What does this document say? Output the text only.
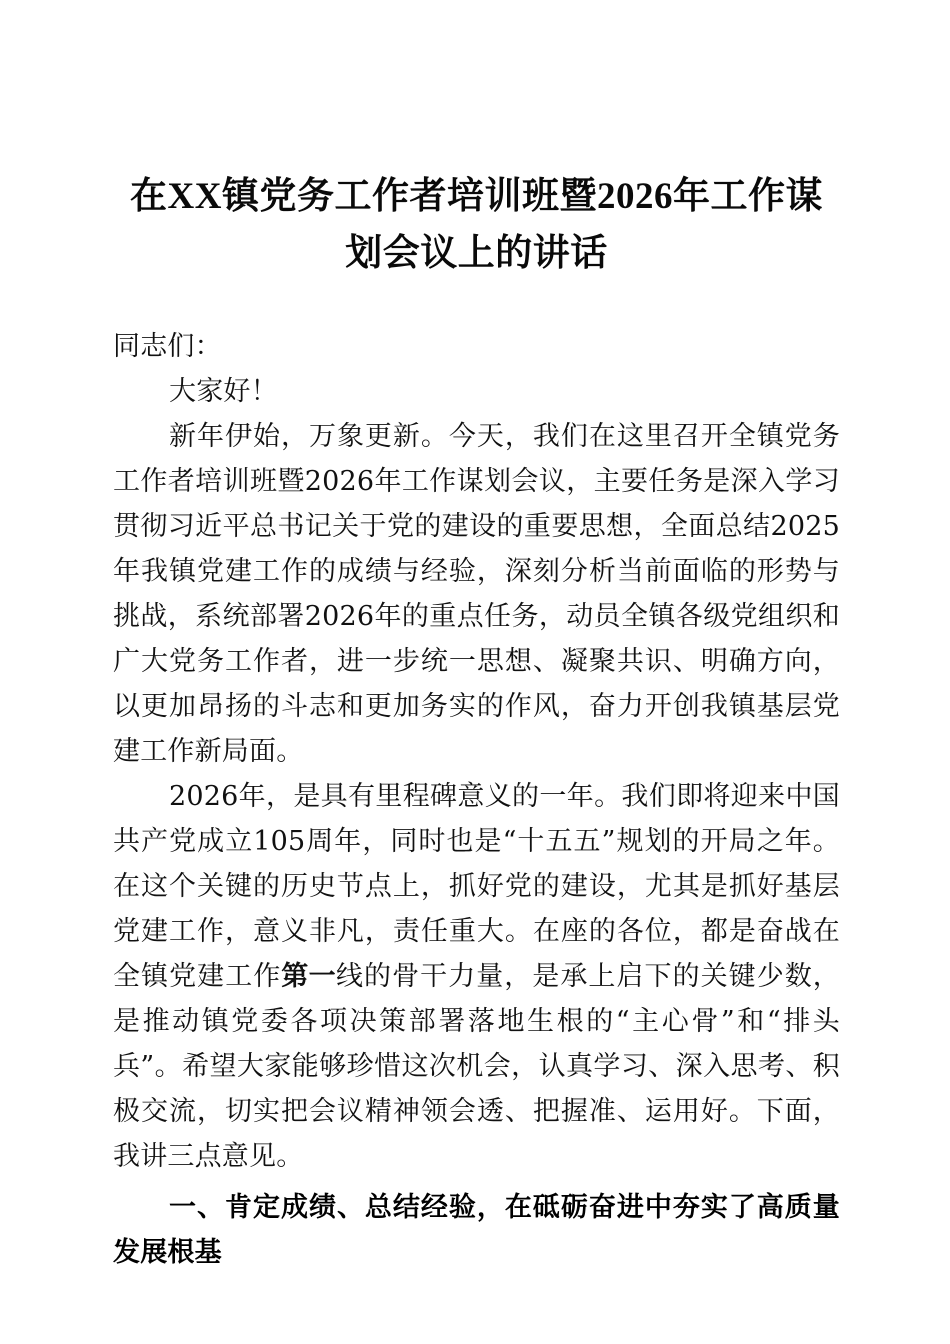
在XX镇党务工作者培训班暨2026年工作谋
划会议上的讲话

同志们：

大家好！

新年伊始，万象更新。今天，我们在这里召开全镇党务工作者培训班暨2026年工作谋划会议，主要任务是深入学习贯彻习近平总书记关于党的建设的重要思想，全面总结2025年我镇党建工作的成绩与经验，深刻分析当前面临的形势与挑战，系统部署2026年的重点任务，动员全镇各级党组织和广大党务工作者，进一步统一思想、凝聚共识、明确方向，以更加昂扬的斗志和更加务实的作风，奋力开创我镇基层党建工作新局面。

2026年，是具有里程碑意义的一年。我们即将迎来中国共产党成立105周年，同时也是“十五五”规划的开局之年。在这个关键的历史节点上，抓好党的建设，尤其是抓好基层党建工作，意义非凡，责任重大。在座的各位，都是奋战在全镇党建工作第一线的骨干力量，是承上启下的关键少数，是推动镇党委各项决策部署落地生根的“主心骨”和“排头兵”。希望大家能够珍惜这次机会，认真学习、深入思考、积极交流，切实把会议精神领会透、把握准、运用好。下面，我讲三点意见。

一、肯定成绩、总结经验，在砥砺奋进中夯实了高质量发展根基
